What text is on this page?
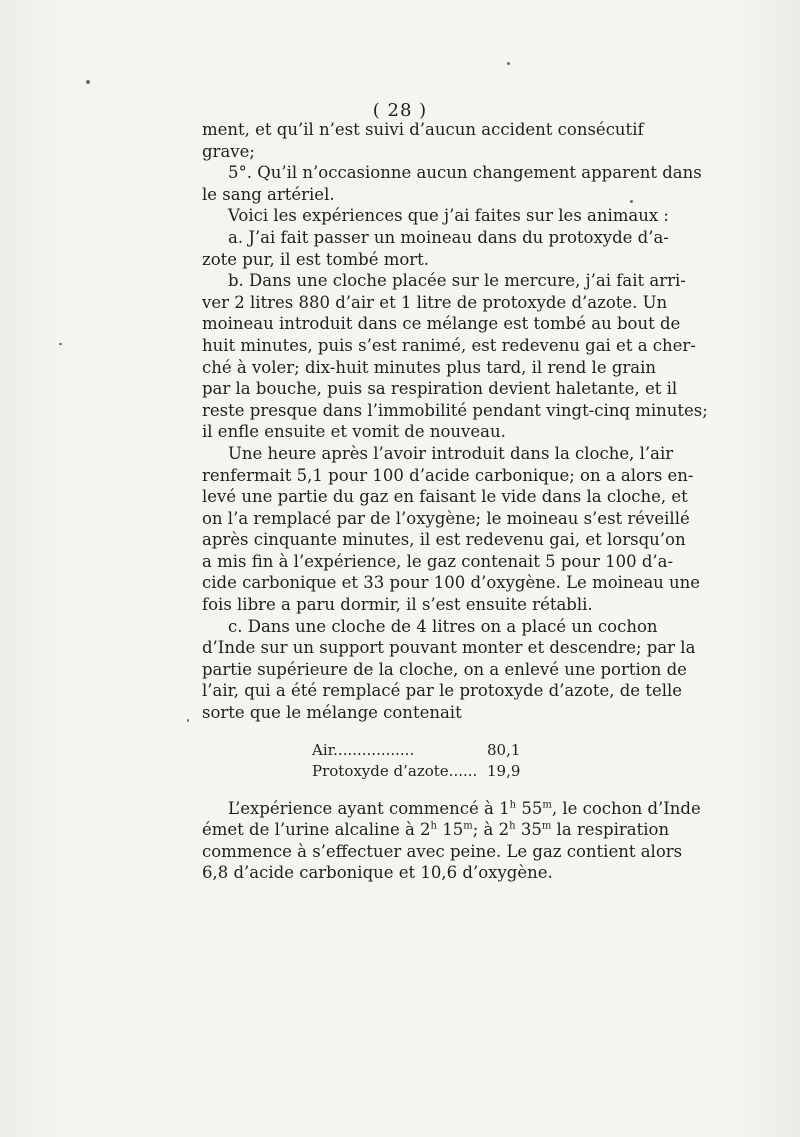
( 28 )

ment, et qu’il n’est suivi d’aucun accident consécutif
grave;

5°. Qu’il n’occasionne aucun changement apparent dans
le sang artériel.

Voici les expériences que j’ai faites sur les animaux :

a. J’ai fait passer un moineau dans du protoxyde d’a-
zote pur, il est tombé mort.

b. Dans une cloche placée sur le mercure, j’ai fait arri-
ver 2 litres 880 d’air et 1 litre de protoxyde d’azote. Un
moineau introduit dans ce mélange est tombé au bout de
huit minutes, puis s’est ranimé, est redevenu gai et a cher-
ché à voler; dix-huit minutes plus tard, il rend le grain
par la bouche, puis sa respiration devient haletante, et il
reste presque dans l’immobilité pendant vingt-cinq minutes;
il enfle ensuite et vomit de nouveau.

Une heure après l’avoir introduit dans la cloche, l’air
renfermait 5,1 pour 100 d’acide carbonique; on a alors en-
levé une partie du gaz en faisant le vide dans la cloche, et
on l’a remplacé par de l’oxygène; le moineau s’est réveillé
après cinquante minutes, il est redevenu gai, et lorsqu’on
a mis fin à l’expérience, le gaz contenait 5 pour 100 d’a-
cide carbonique et 33 pour 100 d’oxygène. Le moineau une
fois libre a paru dormir, il s’est ensuite rétabli.

c. Dans une cloche de 4 litres on a placé un cochon
d’Inde sur un support pouvant monter et descendre; par la
partie supérieure de la cloche, on a enlevé une portion de
l’air, qui a été remplacé par le protoxyde d’azote, de telle
sorte que le mélange contenait

Air.................	80,1
Protoxyde d’azote...... 19,9

L’expérience ayant commencé à 1$^h$ 55$^m$, le cochon d’Inde
émet de l’urine alcaline à 2$^h$ 15$^m$; à 2$^h$ 35$^m$ la respiration
commence à s’effectuer avec peine. Le gaz contient alors
6,8 d’acide carbonique et 10,6 d’oxygène.
